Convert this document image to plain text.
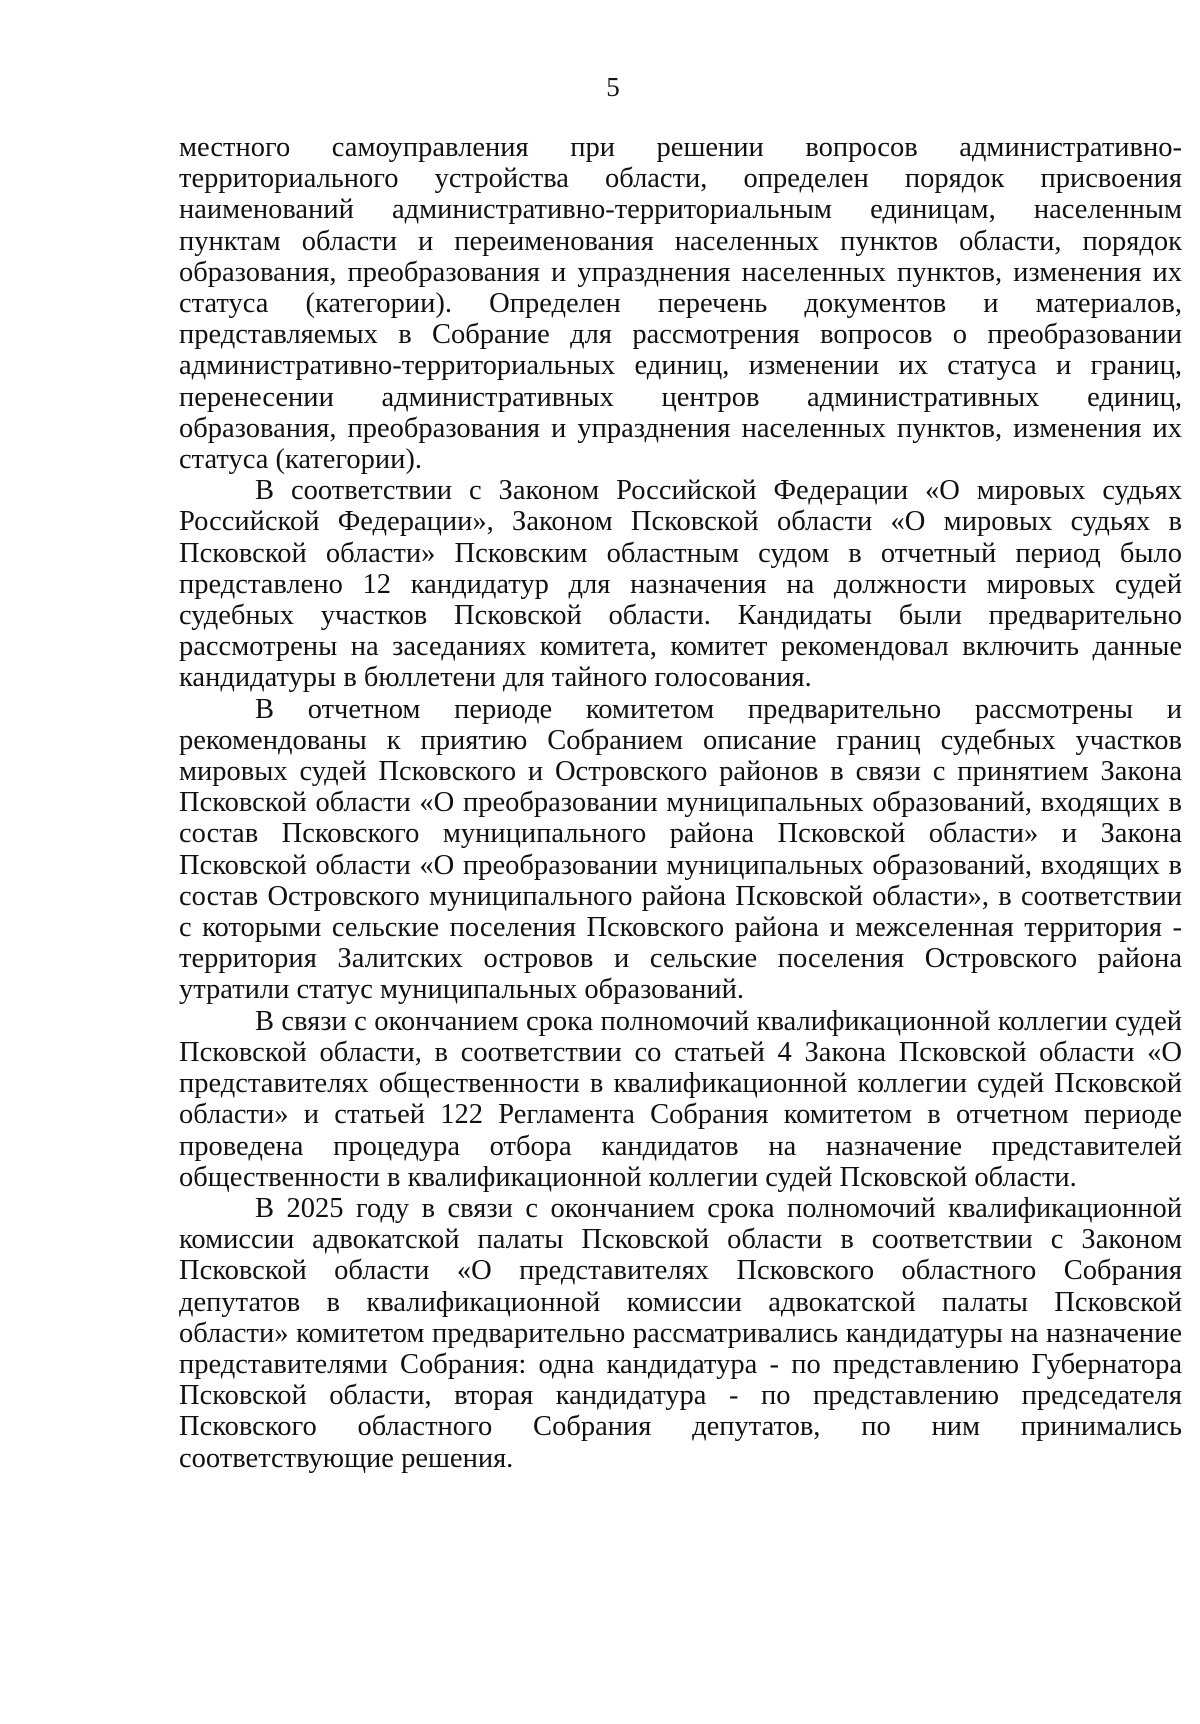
5

местного самоуправления при решении вопросов административно-территориального устройства области, определен порядок присвоения наименований административно-территориальным единицам, населенным пунктам области и переименования населенных пунктов области, порядок образования, преобразования и упразднения населенных пунктов, изменения их статуса (категории). Определен перечень документов и материалов, представляемых в Собрание для рассмотрения вопросов о преобразовании административно-территориальных единиц, изменении их статуса и границ, перенесении административных центров административных единиц, образования, преобразования и упразднения населенных пунктов, изменения их статуса (категории).

В соответствии с Законом Российской Федерации «О мировых судьях Российской Федерации», Законом Псковской области «О мировых судьях в Псковской области» Псковским областным судом в отчетный период было представлено 12 кандидатур для назначения на должности мировых судей судебных участков Псковской области. Кандидаты были предварительно рассмотрены на заседаниях комитета, комитет рекомендовал включить данные кандидатуры в бюллетени для тайного голосования.

В отчетном периоде комитетом предварительно рассмотрены и рекомендованы к приятию Собранием описание границ судебных участков мировых судей Псковского и Островского районов в связи с принятием Закона Псковской области «О преобразовании муниципальных образований, входящих в состав Псковского муниципального района Псковской области» и Закона Псковской области «О преобразовании муниципальных образований, входящих в состав Островского муниципального района Псковской области», в соответствии с которыми сельские поселения Псковского района и межселенная территория - территория Залитских островов и сельские поселения Островского района утратили статус муниципальных образований.

В связи с окончанием срока полномочий квалификационной коллегии судей Псковской области, в соответствии со статьей 4 Закона Псковской области «О представителях общественности в квалификационной коллегии судей Псковской области» и статьей 122 Регламента Собрания комитетом в отчетном периоде проведена процедура отбора кандидатов на назначение представителей общественности в квалификационной коллегии судей Псковской области.

В 2025 году в связи с окончанием срока полномочий квалификационной комиссии адвокатской палаты Псковской области в соответствии с Законом Псковской области «О представителях Псковского областного Собрания депутатов в квалификационной комиссии адвокатской палаты Псковской области» комитетом предварительно рассматривались кандидатуры на назначение представителями Собрания: одна кандидатура - по представлению Губернатора Псковской области, вторая кандидатура - по представлению председателя Псковского областного Собрания депутатов, по ним принимались соответствующие решения.
